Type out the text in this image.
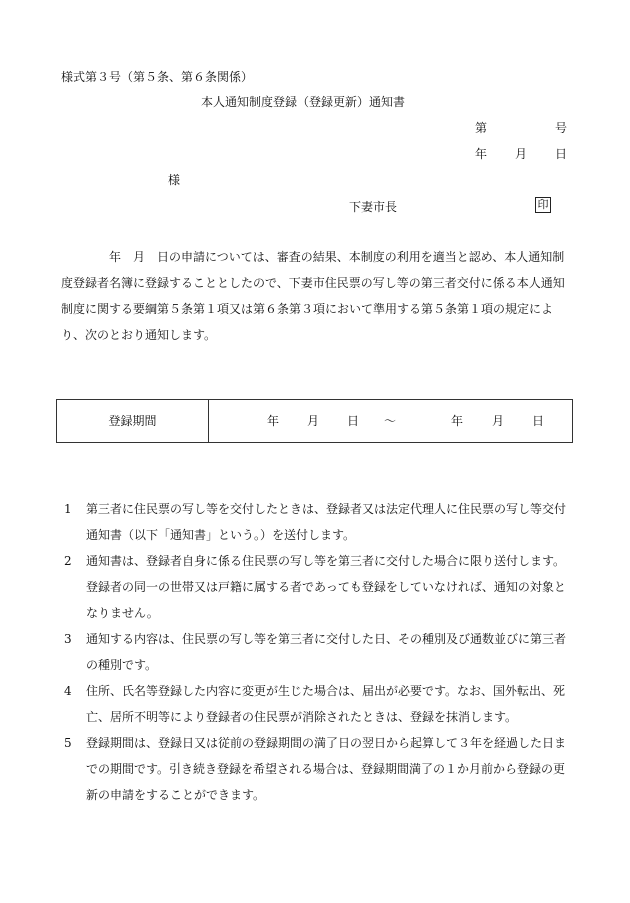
様式第３号（第５条、第６条関係）
本人通知制度登録（登録更新）通知書
第	号
年 月 日
様
下妻市長	印
年　月　日の申請については、審査の結果、本制度の利用を適当と認め、本人通知制度登録者名簿に登録することとしたので、下妻市住民票の写し等の第三者交付に係る本人通知制度に関する要綱第５条第１項又は第６条第３項において準用する第５条第１項の規定により、次のとおり通知します。
登録期間	年 月 日 ～	年 月 日
1 第三者に住民票の写し等を交付したときは、登録者又は法定代理人に住民票の写し等交付通知書（以下「通知書」という。）を送付します。
2 通知書は、登録者自身に係る住民票の写し等を第三者に交付した場合に限り送付します。登録者の同一の世帯又は戸籍に属する者であっても登録をしていなければ、通知の対象となりません。
3 通知する内容は、住民票の写し等を第三者に交付した日、その種別及び通数並びに第三者の種別です。
4 住所、氏名等登録した内容に変更が生じた場合は、届出が必要です。なお、国外転出、死亡、居所不明等により登録者の住民票が消除されたときは、登録を抹消します。
5 登録期間は、登録日又は従前の登録期間の満了日の翌日から起算して３年を経過した日までの期間です。引き続き登録を希望される場合は、登録期間満了の１か月前から登録の更新の申請をすることができます。
